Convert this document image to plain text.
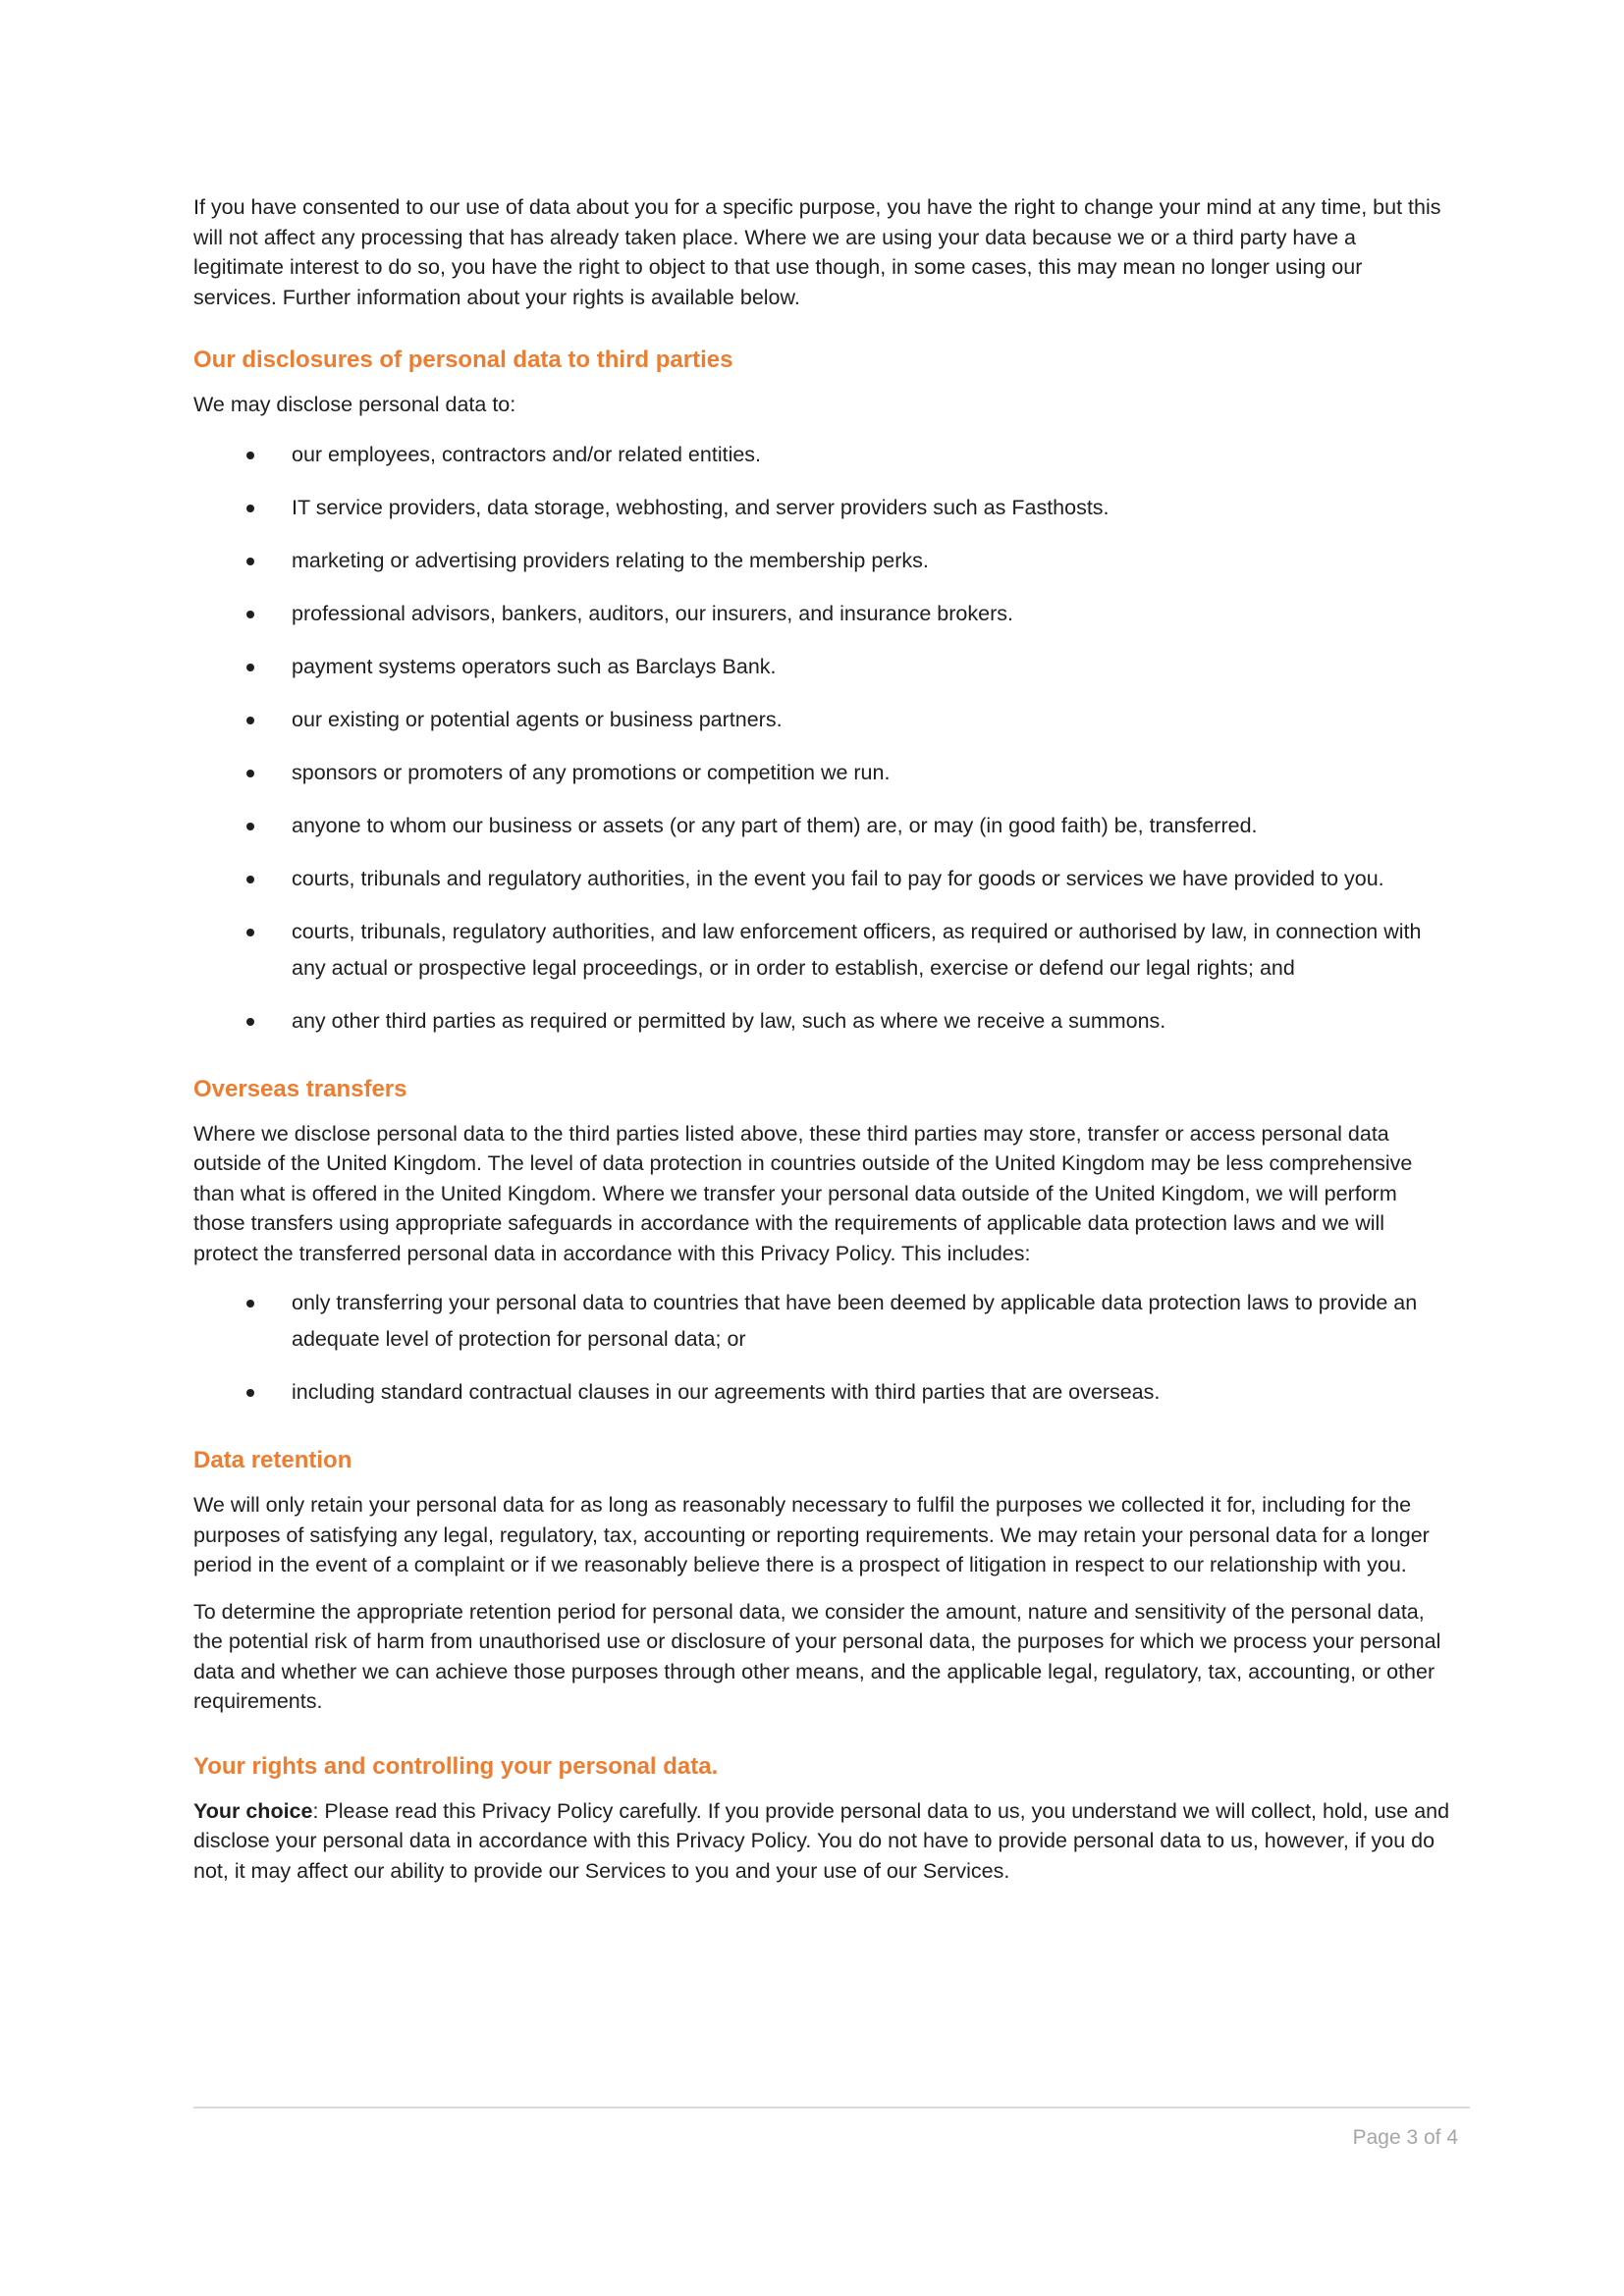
If you have consented to our use of data about you for a specific purpose, you have the right to change your mind at any time, but this will not affect any processing that has already taken place. Where we are using your data because we or a third party have a legitimate interest to do so, you have the right to object to that use though, in some cases, this may mean no longer using our services. Further information about your rights is available below.

Our disclosures of personal data to third parties

We may disclose personal data to:

our employees, contractors and/or related entities.
IT service providers, data storage, webhosting, and server providers such as Fasthosts.
marketing or advertising providers relating to the membership perks.
professional advisors, bankers, auditors, our insurers, and insurance brokers.
payment systems operators such as Barclays Bank.
our existing or potential agents or business partners.
sponsors or promoters of any promotions or competition we run.
anyone to whom our business or assets (or any part of them) are, or may (in good faith) be, transferred.
courts, tribunals and regulatory authorities, in the event you fail to pay for goods or services we have provided to you.
courts, tribunals, regulatory authorities, and law enforcement officers, as required or authorised by law, in connection with any actual or prospective legal proceedings, or in order to establish, exercise or defend our legal rights; and
any other third parties as required or permitted by law, such as where we receive a summons.
Overseas transfers

Where we disclose personal data to the third parties listed above, these third parties may store, transfer or access personal data outside of the United Kingdom. The level of data protection in countries outside of the United Kingdom may be less comprehensive than what is offered in the United Kingdom. Where we transfer your personal data outside of the United Kingdom, we will perform those transfers using appropriate safeguards in accordance with the requirements of applicable data protection laws and we will protect the transferred personal data in accordance with this Privacy Policy. This includes:

only transferring your personal data to countries that have been deemed by applicable data protection laws to provide an adequate level of protection for personal data; or
including standard contractual clauses in our agreements with third parties that are overseas.
Data retention

We will only retain your personal data for as long as reasonably necessary to fulfil the purposes we collected it for, including for the purposes of satisfying any legal, regulatory, tax, accounting or reporting requirements. We may retain your personal data for a longer period in the event of a complaint or if we reasonably believe there is a prospect of litigation in respect to our relationship with you.

To determine the appropriate retention period for personal data, we consider the amount, nature and sensitivity of the personal data, the potential risk of harm from unauthorised use or disclosure of your personal data, the purposes for which we process your personal data and whether we can achieve those purposes through other means, and the applicable legal, regulatory, tax, accounting, or other requirements.

Your rights and controlling your personal data.

Your choice: Please read this Privacy Policy carefully. If you provide personal data to us, you understand we will collect, hold, use and disclose your personal data in accordance with this Privacy Policy. You do not have to provide personal data to us, however, if you do not, it may affect our ability to provide our Services to you and your use of our Services.

Page 3 of 4
